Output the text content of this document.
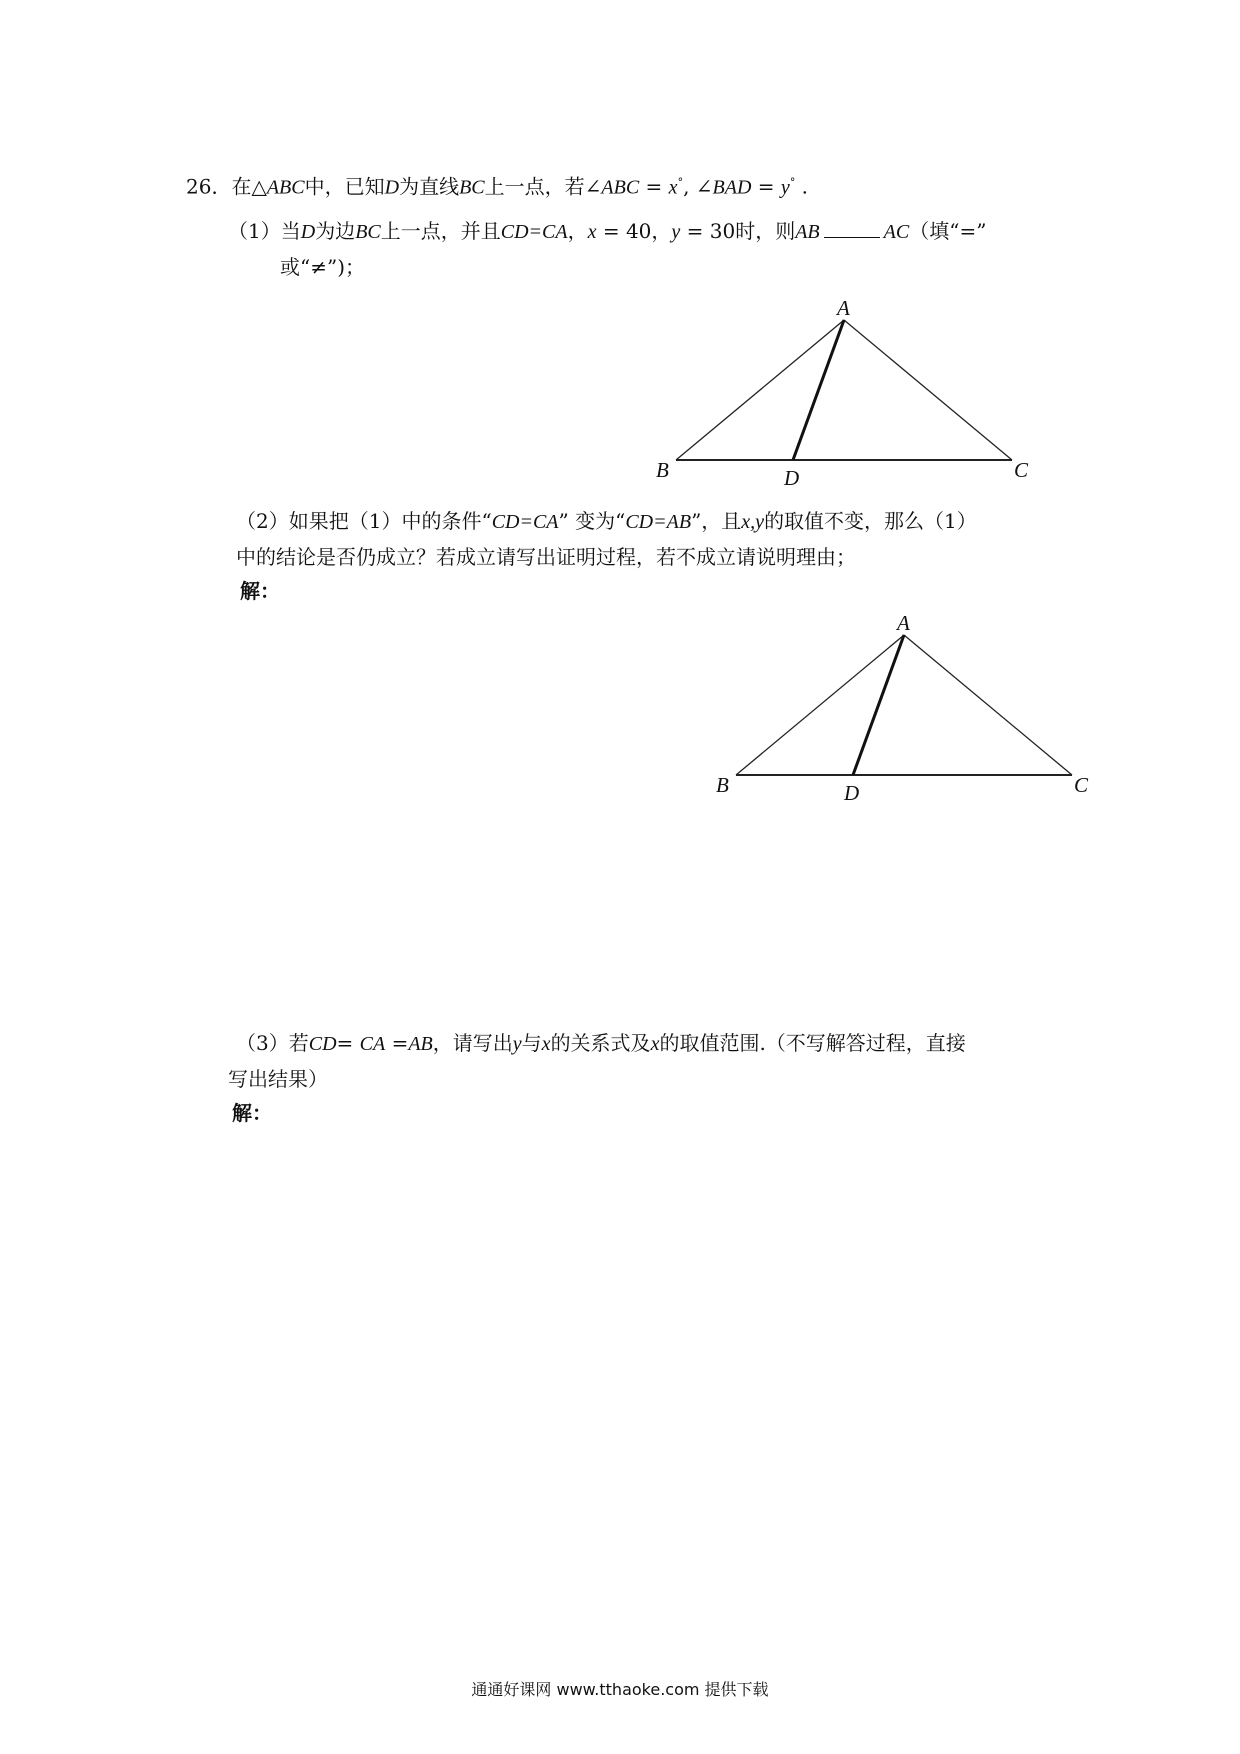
26．在△ABC中，已知D为直线BC上一点，若∠ABC = x°, ∠BAD = y° .
（1）当D为边BC上一点，并且CD=CA，x = 40，y = 30时，则AB	AC（填“=”
或“≠”)；
A
B	C
D
（2）如果把（1）中的条件“CD=CA” 变为“CD=AB”，且x,y的取值不变，那么（1）
中的结论是否仍成立？若成立请写出证明过程，若不成立请说明理由；
解：
A
B	C
D
（3）若CD= CA =AB，请写出y与x的关系式及x的取值范围.（不写解答过程，直接
写出结果）
解：
通通好课网 www.tthaoke.com 提供下载
